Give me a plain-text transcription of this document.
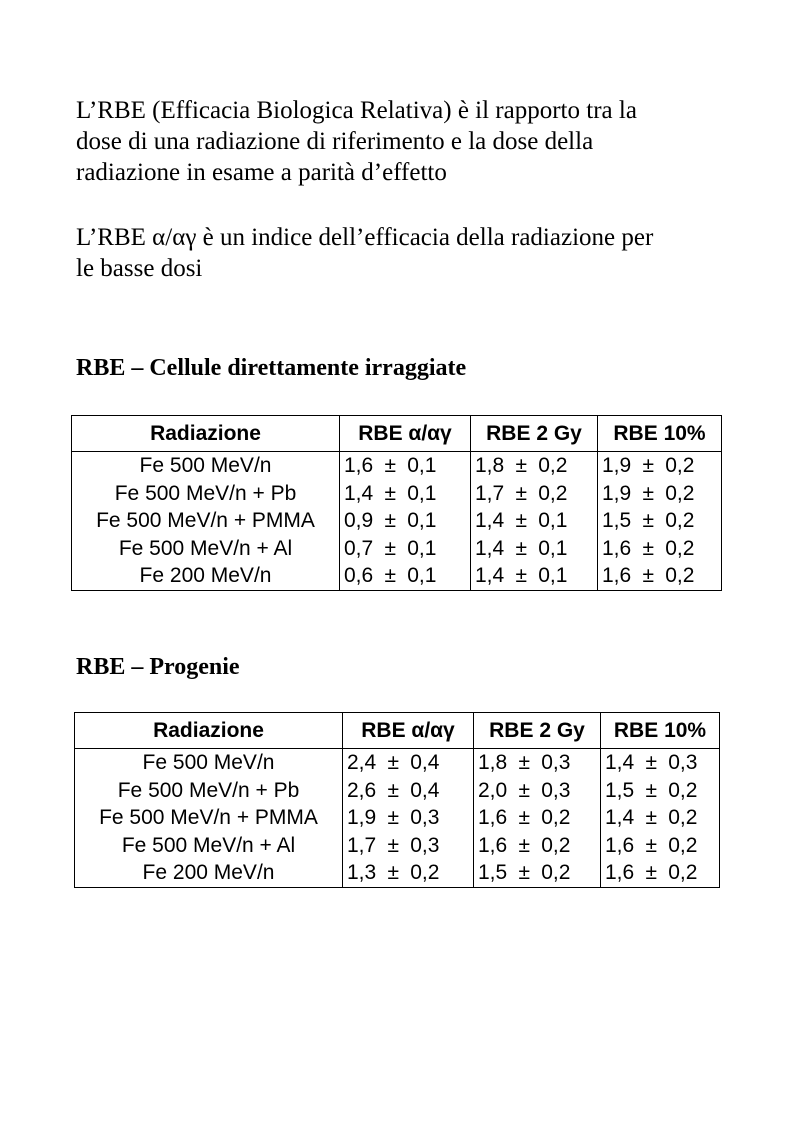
L’RBE (Efficacia Biologica Relativa) è il rapporto tra la
dose di una radiazione di riferimento e la dose della
radiazione in esame a parità d’effetto

L’RBE α/αγ è un indice dell’efficacia della radiazione per
le basse dosi

RBE – Cellule direttamente irraggiate
Radiazione	RBE α/αγ	RBE 2 Gy	RBE 10%
Fe 500 MeV/n	1,6 ± 0,1	1,8 ± 0,2	1,9 ± 0,2
Fe 500 MeV/n + Pb	1,4 ± 0,1	1,7 ± 0,2	1,9 ± 0,2
Fe 500 MeV/n + PMMA	0,9 ± 0,1	1,4 ± 0,1	1,5 ± 0,2
Fe 500 MeV/n + Al	0,7 ± 0,1	1,4 ± 0,1	1,6 ± 0,2
Fe 200 MeV/n	0,6 ± 0,1	1,4 ± 0,1	1,6 ± 0,2
RBE – Progenie
Radiazione	RBE α/αγ	RBE 2 Gy	RBE 10%
Fe 500 MeV/n	2,4 ± 0,4	1,8 ± 0,3	1,4 ± 0,3
Fe 500 MeV/n + Pb	2,6 ± 0,4	2,0 ± 0,3	1,5 ± 0,2
Fe 500 MeV/n + PMMA	1,9 ± 0,3	1,6 ± 0,2	1,4 ± 0,2
Fe 500 MeV/n + Al	1,7 ± 0,3	1,6 ± 0,2	1,6 ± 0,2
Fe 200 MeV/n	1,3 ± 0,2	1,5 ± 0,2	1,6 ± 0,2
